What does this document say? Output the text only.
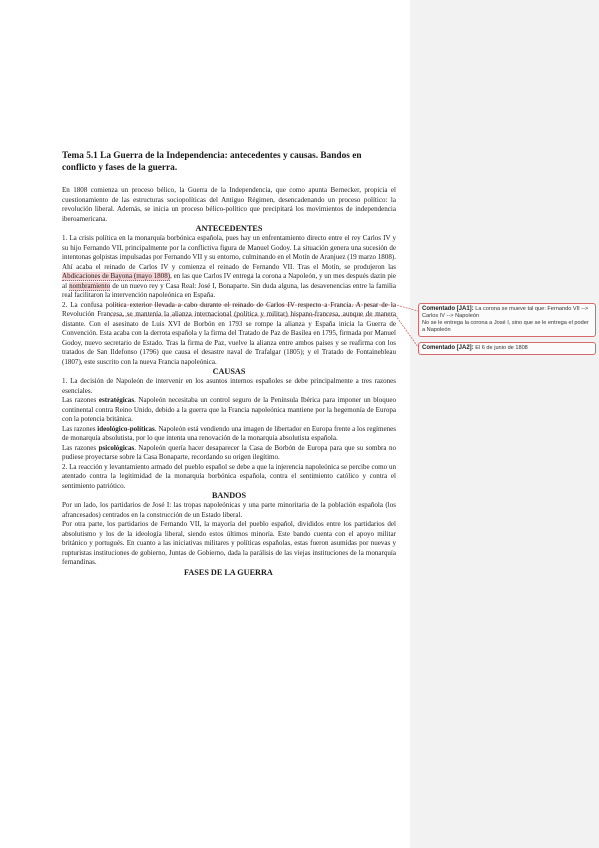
Tema 5.1 La Guerra de la Independencia: antecedentes y causas. Bandos en conflicto y fases de la guerra.

En 1808 comienza un proceso bélico, la Guerra de la Independencia, que como apunta Bernecker, propicia el cuestionamiento de las estructuras sociopolíticas del Antiguo Régimen, desencadenando un proceso político: la revolución liberal. Además, se inicia un proceso bélico-político que precipitará los movimientos de independencia iberoamericana.

ANTECEDENTES

1. La crisis política en la monarquía borbónica española, pues hay un enfrentamiento directo entre el rey Carlos IV y su hijo Fernando VII, principalmente por la conflictiva figura de Manuel Godoy. La situación genera una sucesión de intentonas golpistas impulsadas por Fernando VII y su entorno, culminando en el Motín de Aranjuez (19 marzo 1808). Ahí acaba el reinado de Carlos IV y comienza el reinado de Fernando VII. Tras el Motín, se produjeron las Abdicaciones de Bayona (mayo 1808), en las que Carlos IV entrega la corona a Napoleón, y un mes después dazin pie al nombramiento de un nuevo rey y Casa Real: José I, Bonaparte. Sin duda alguna, las desavenencias entre la familia real facilitaron la intervención napoleónica en España.

2. La confusa política exterior llevada a cabo durante el reinado de Carlos IV respecto a Francia. A pesar de la Revolución Francesa, se mantenía la alianza internacional (política y militar) hispano-francesa, aunque de manera distante. Con el asesinato de Luis XVI de Borbón en 1793 se rompe la alianza y España inicia la Guerra de Convención. Esta acaba con la derrota española y la firma del Tratado de Paz de Basilea en 1795, firmada por Manuel Godoy, nuevo secretario de Estado. Tras la firma de Paz, vuelve la alianza entre ambos países y se reafirma con los tratados de San Ildefonso (1796) que causa el desastre naval de Trafalgar (1805); y el Tratado de Fontainebleau (1807), este suscrito con la nueva Francia napoleónica.

CAUSAS

1. La decisión de Napoleón de intervenir en los asuntos internos españoles se debe principalmente a tres razones esenciales.

Las razones estratégicas. Napoleón necesitaba un control seguro de la Península Ibérica para imponer un bloqueo continental contra Reino Unido, debido a la guerra que la Francia napoleónica mantiene por la hegemonía de Europa con la potencia británica.

Las razones ideológico-políticas. Napoleón está vendiendo una imagen de libertador en Europa frente a los regímenes de monarquía absolutista, por lo que intenta una renovación de la monarquía absolutista española.

Las razones psicológicas. Napoleón quería hacer desaparecer la Casa de Borbón de Europa para que su sombra no pudiese proyectarse sobre la Casa Bonaparte, recordando su origen ilegítimo.

2. La reacción y levantamiento armado del pueblo español se debe a que la injerencia napoleónica se percibe como un atentado contra la legitimidad de la monarquía borbónica española, contra el sentimiento católico y contra el sentimiento patriótico.

BANDOS

Por un lado, los partidarios de José I: las tropas napoleónicas y una parte minoritaria de la población española (los afrancesados) centrados en la construcción de un Estado liberal.

Por otra parte, los partidarios de Fernando VII, la mayoría del pueblo español, divididos entre los partidarios del absolutismo y los de la ideología liberal, siendo estos últimos minoría. Este bando cuenta con el apoyo militar británico y portugués. En cuanto a las iniciativas militares y políticas españolas, estas fueron asumidas por nuevas y rupturistas instituciones de gobierno, Juntas de Gobierno, dada la parálisis de las viejas instituciones de la monarquía fernandinas.

FASES DE LA GUERRA

Comentado [JA1]: La corona se mueve tal que: Fernando VII --> Carlos IV --> Napoleón
No se le entrega la corona a José I, sino que se le entrega el poder a Napoleón
Comentado [JA2]: El 6 de junio de 1808
